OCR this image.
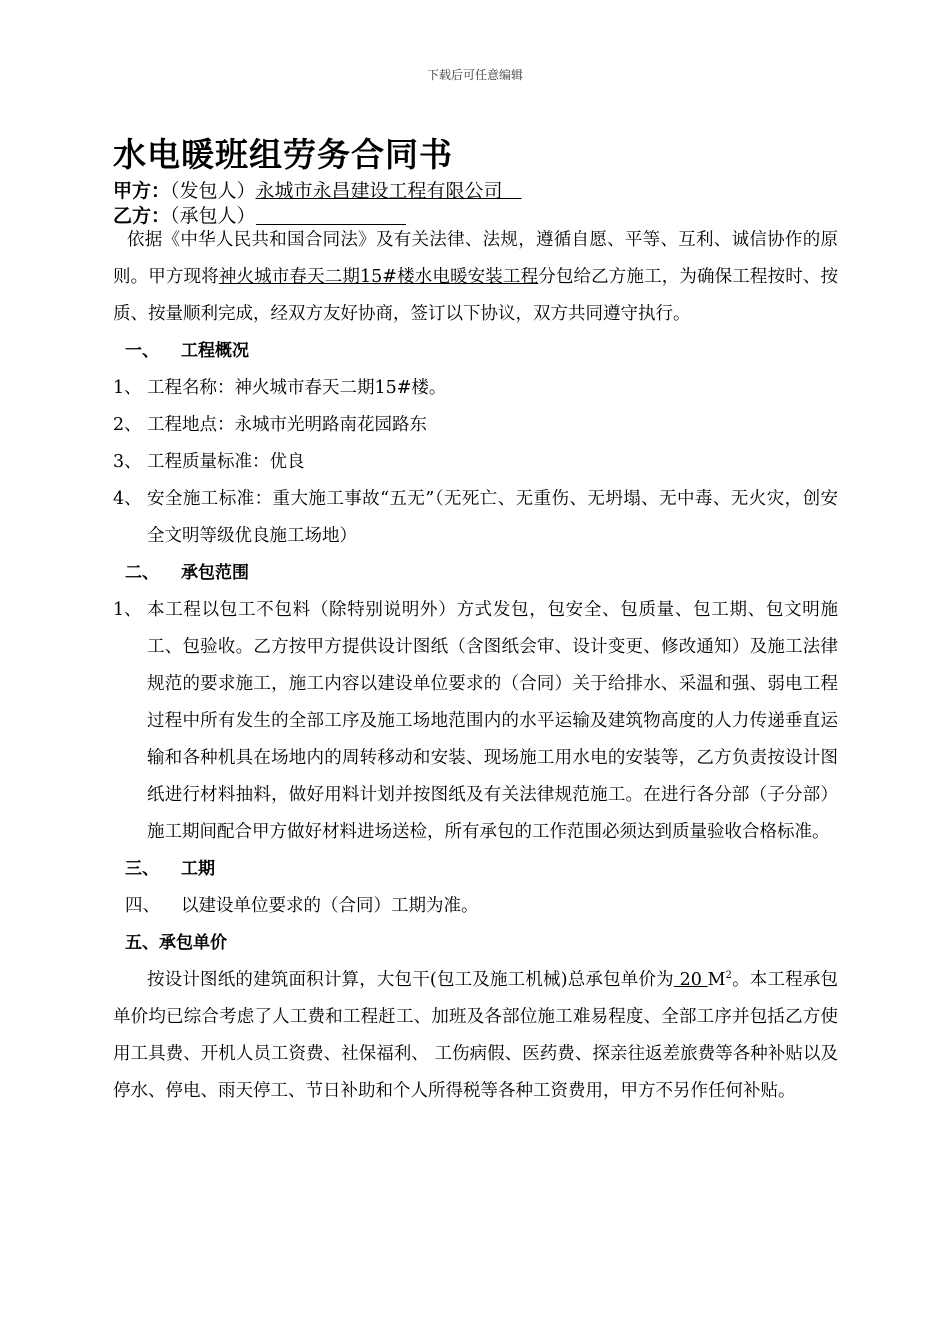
下载后可任意编辑
水电暖班组劳务合同书
甲方：（发包人）永城市永昌建设工程有限公司　
乙方：（承包人）

依据《中华人民共和国合同法》及有关法律、法规，遵循自愿、平等、互利、诚信协作的原则。甲方现将神火城市春天二期15#楼水电暖安装工程分包给乙方施工，为确保工程按时、按质、按量顺利完成，经双方友好协商，签订以下协议，双方共同遵守执行。

一、 工程概况
1、 工程名称：神火城市春天二期15#楼。
2、 工程地点：永城市光明路南花园路东
3、 工程质量标准：优良
4、 安全施工标准：重大施工事故“五无”（无死亡、无重伤、无坍塌、无中毒、无火灾，创安全文明等级优良施工场地）
二、 承包范围
1、 本工程以包工不包料（除特别说明外）方式发包，包安全、包质量、包工期、包文明施工、包验收。乙方按甲方提供设计图纸（含图纸会审、设计变更、修改通知）及施工法律规范的要求施工，施工内容以建设单位要求的（合同）关于给排水、采温和强、弱电工程过程中所有发生的全部工序及施工场地范围内的水平运输及建筑物高度的人力传递垂直运输和各种机具在场地内的周转移动和安装、现场施工用水电的安装等，乙方负责按设计图纸进行材料抽料，做好用料计划并按图纸及有关法律规范施工。在进行各分部（子分部）施工期间配合甲方做好材料进场送检，所有承包的工作范围必须达到质量验收合格标准。
三、 工期
四、 以建设单位要求的（合同）工期为准。
五、承包单价

按设计图纸的建筑面积计算，大包干(包工及施工机械)总承包单价为 20 $M^2$。本工程承包单价均已综合考虑了人工费和工程赶工、加班及各部位施工难易程度、全部工序并包括乙方使用工具费、开机人员工资费、社保福利、 工伤病假、医药费、探亲往返差旅费等各种补贴以及停水、停电、雨天停工、节日补助和个人所得税等各种工资费用，甲方不另作任何补贴。
